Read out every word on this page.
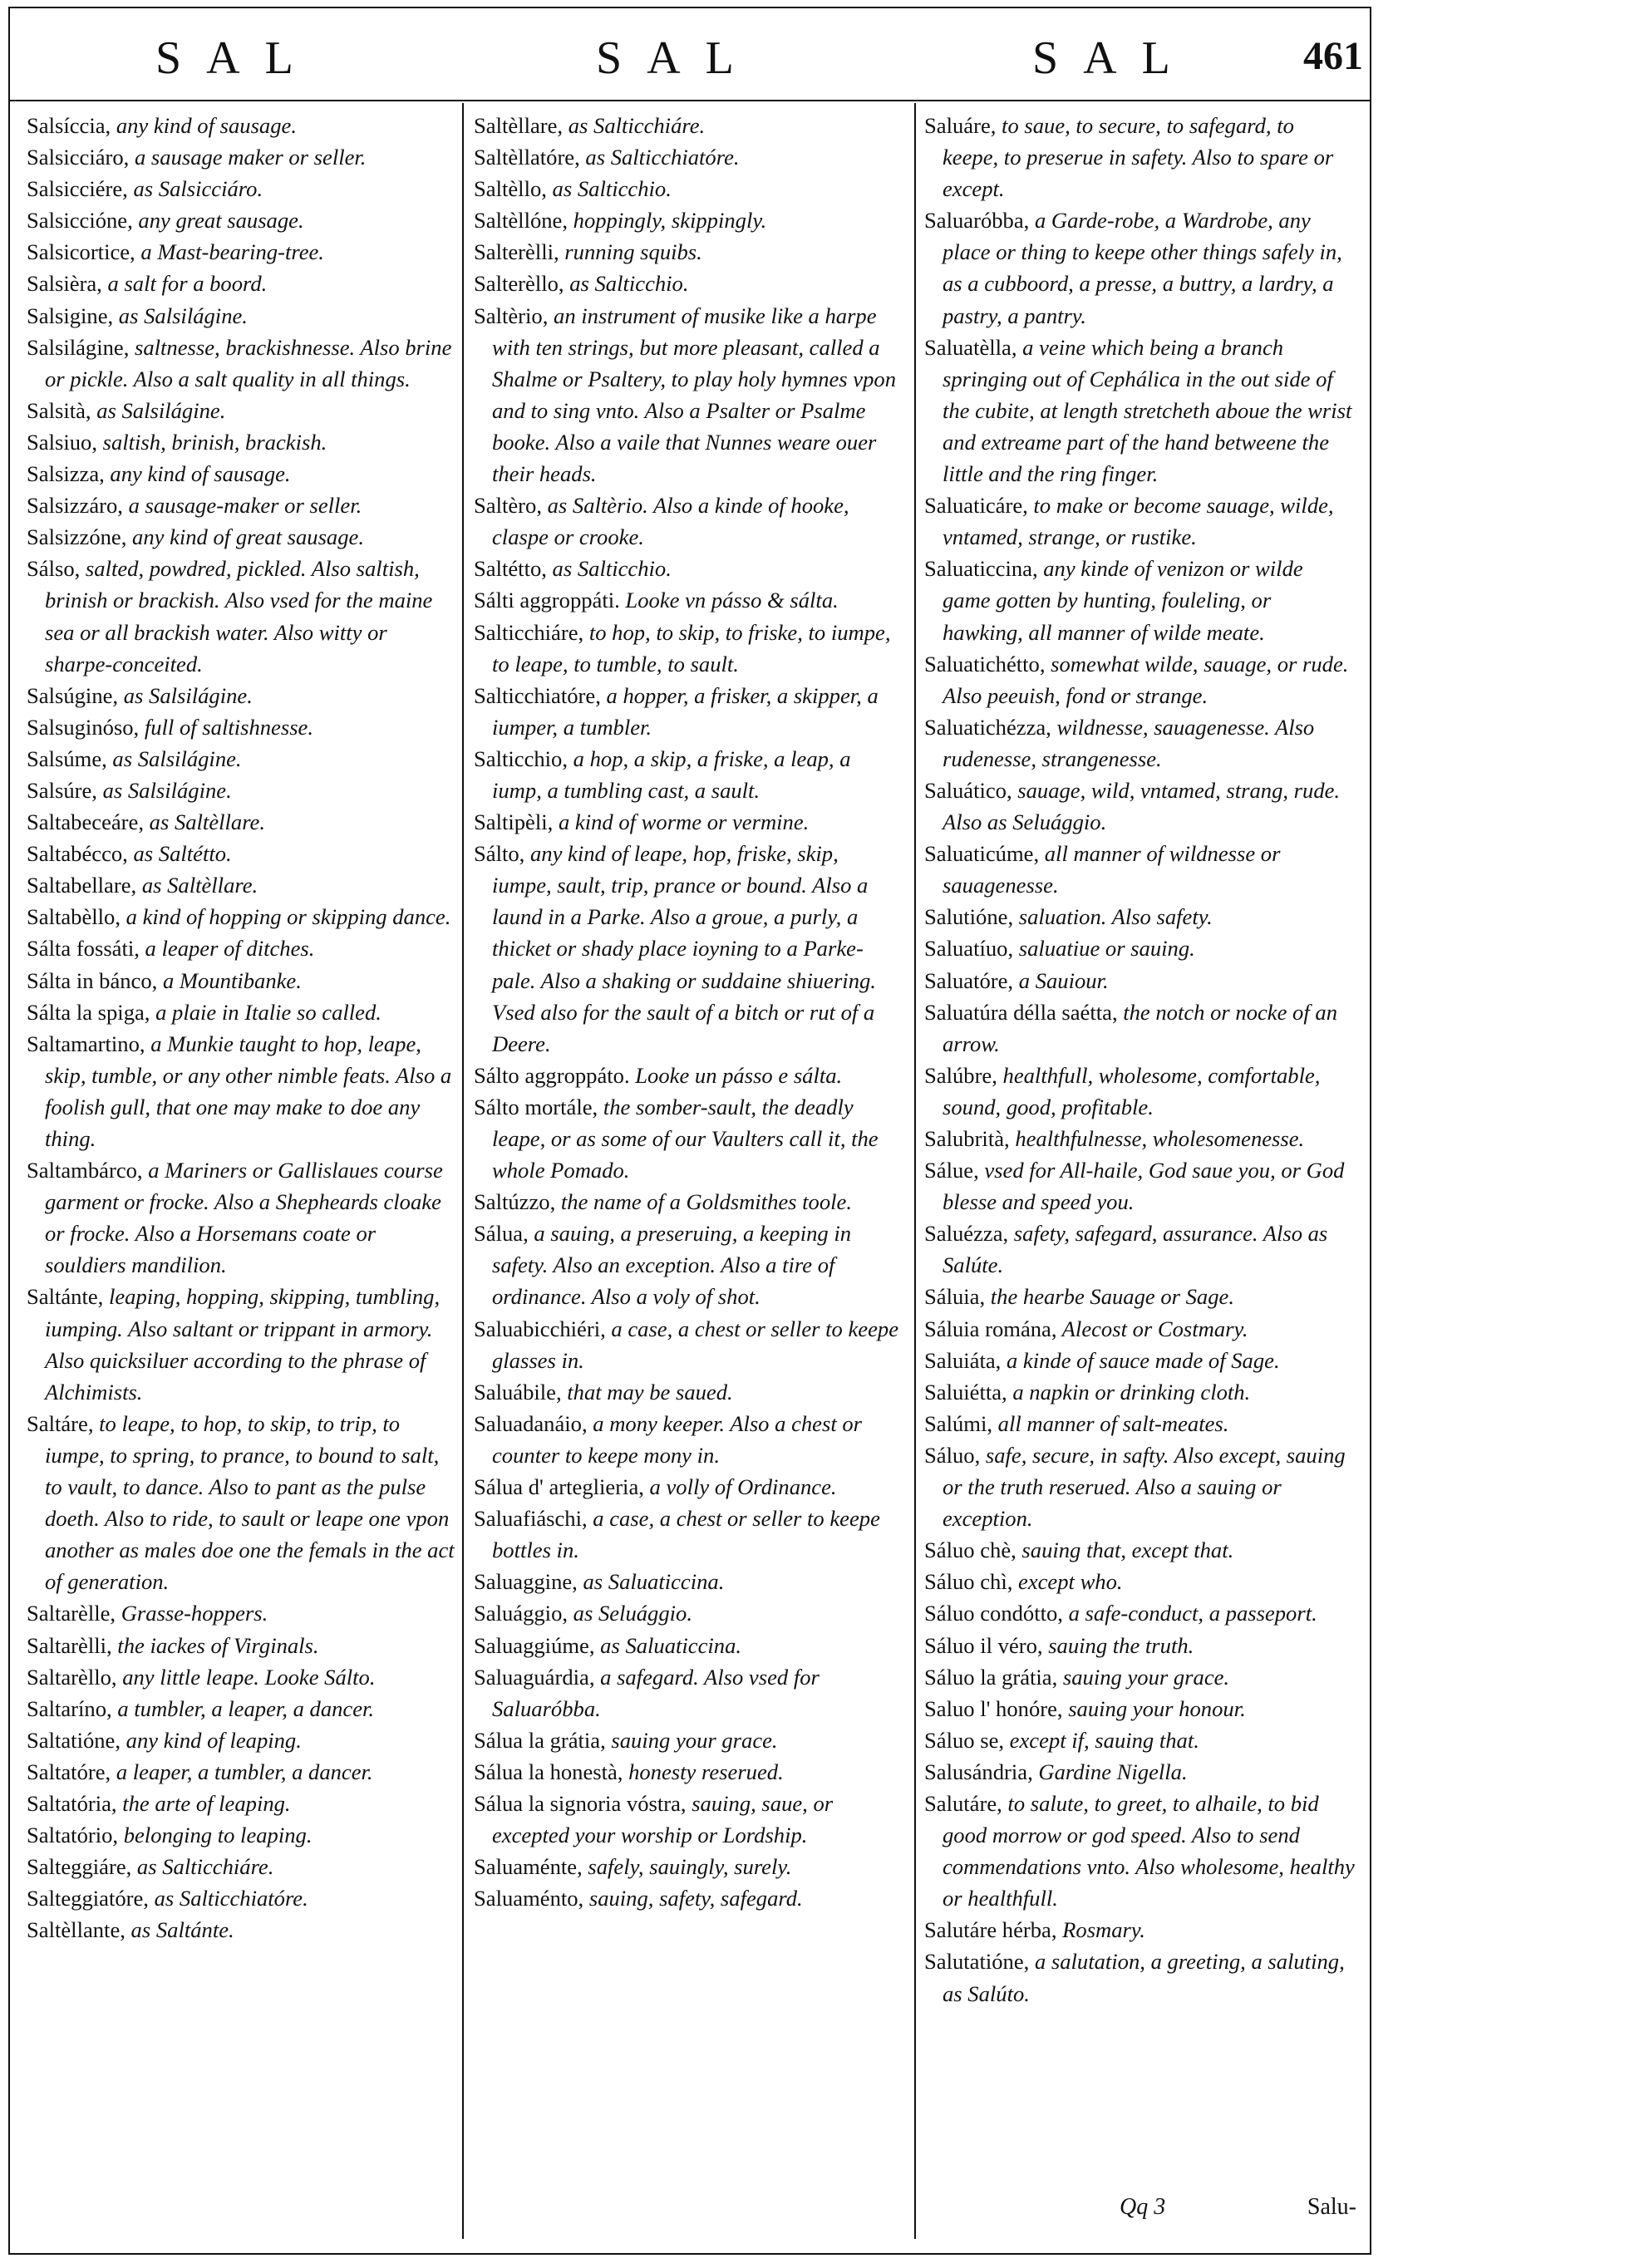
SAL	SAL	SAL	461

Salsíccia, any kind of sausage.

Salsicciáro, a sausage maker or seller.

Salsicciére, as Salsicciáro.

Salsiccióne, any great sausage.

Salsicortice, a Mast-bearing-tree.

Salsièra, a salt for a boord.

Salsigine, as Salsilágine.

Salsilágine, saltnesse, brackishnesse. Also brine or pickle. Also a salt quality in all things.

Salsità, as Salsilágine.

Salsiuo, saltish, brinish, brackish.

Salsizza, any kind of sausage.

Salsizzáro, a sausage-maker or seller.

Salsizzóne, any kind of great sausage.

Sálso, salted, powdred, pickled. Also saltish, brinish or brackish. Also vsed for the maine sea or all brackish water. Also witty or sharpe-conceited.

Salsúgine, as Salsilágine.

Salsuginóso, full of saltishnesse.

Salsúme, as Salsilágine.

Salsúre, as Salsilágine.

Saltabeceáre, as Saltèllare.

Saltabécco, as Saltétto.

Saltabellare, as Saltèllare.

Saltabèllo, a kind of hopping or skipping dance.

Sálta fossáti, a leaper of ditches.

Sálta in bánco, a Mountibanke.

Sálta la spiga, a plaie in Italie so called.

Saltamartino, a Munkie taught to hop, leape, skip, tumble, or any other nimble feats. Also a foolish gull, that one may make to doe any thing.

Saltambárco, a Mariners or Gallislaues course garment or frocke. Also a Shepheards cloake or frocke. Also a Horsemans coate or souldiers mandilion.

Saltánte, leaping, hopping, skipping, tumbling, iumping. Also saltant or trippant in armory. Also quicksiluer according to the phrase of Alchimists.

Saltáre, to leape, to hop, to skip, to trip, to iumpe, to spring, to prance, to bound to salt, to vault, to dance. Also to pant as the pulse doeth. Also to ride, to sault or leape one vpon another as males doe one the femals in the act of generation.

Saltarèlle, Grasse-hoppers.

Saltarèlli, the iackes of Virginals.

Saltarèllo, any little leape. Looke Sálto.

Saltaríno, a tumbler, a leaper, a dancer.

Saltatióne, any kind of leaping.

Saltatóre, a leaper, a tumbler, a dancer.

Saltatória, the arte of leaping.

Saltatório, belonging to leaping.

Salteggiáre, as Salticchiáre.

Salteggiatóre, as Salticchiatóre.

Saltèllante, as Saltánte.

Saltèllare, as Salticchiáre.

Saltèllatóre, as Salticchiatóre.

Saltèllo, as Salticchio.

Saltèllóne, hoppingly, skippingly.

Salterèlli, running squibs.

Salterèllo, as Salticchio.

Saltèrio, an instrument of musike like a harpe with ten strings, but more pleasant, called a Shalme or Psaltery, to play holy hymnes vpon and to sing vnto. Also a Psalter or Psalme booke. Also a vaile that Nunnes weare ouer their heads.

Saltèro, as Saltèrio. Also a kinde of hooke, claspe or crooke.

Saltétto, as Salticchio.

Sálti aggroppáti. Looke vn pásso & sálta.

Salticchiáre, to hop, to skip, to friske, to iumpe, to leape, to tumble, to sault.

Salticchiatóre, a hopper, a frisker, a skipper, a iumper, a tumbler.

Salticchio, a hop, a skip, a friske, a leap, a iump, a tumbling cast, a sault.

Saltipèli, a kind of worme or vermine.

Sálto, any kind of leape, hop, friske, skip, iumpe, sault, trip, prance or bound. Also a laund in a Parke. Also a groue, a purly, a thicket or shady place ioyning to a Parke-pale. Also a shaking or suddaine shiuering. Vsed also for the sault of a bitch or rut of a Deere.

Sálto aggroppáto. Looke un pásso e sálta.

Sálto mortále, the somber-sault, the deadly leape, or as some of our Vaulters call it, the whole Pomado.

Saltúzzo, the name of a Goldsmithes toole.

Sálua, a sauing, a preseruing, a keeping in safety. Also an exception. Also a tire of ordinance. Also a voly of shot.

Saluabicchiéri, a case, a chest or seller to keepe glasses in.

Saluábile, that may be saued.

Saluadanáio, a mony keeper. Also a chest or counter to keepe mony in.

Sálua d' arteglieria, a volly of Ordinance.

Saluafiáschi, a case, a chest or seller to keepe bottles in.

Saluaggine, as Saluaticcina.

Saluággio, as Seluággio.

Saluaggiúme, as Saluaticcina.

Saluaguárdia, a safegard. Also vsed for Saluaróbba.

Sálua la grátia, sauing your grace.

Sálua la honestà, honesty reserued.

Sálua la signoria vóstra, sauing, saue, or excepted your worship or Lordship.

Saluaménte, safely, sauingly, surely.

Saluaménto, sauing, safety, safegard.

Saluáre, to saue, to secure, to safegard, to keepe, to preserue in safety. Also to spare or except.

Saluaróbba, a Garde-robe, a Wardrobe, any place or thing to keepe other things safely in, as a cubboord, a presse, a buttry, a lardry, a pastry, a pantry.

Saluatèlla, a veine which being a branch springing out of Cephálica in the out side of the cubite, at length stretcheth aboue the wrist and extreame part of the hand betweene the little and the ring finger.

Saluaticáre, to make or become sauage, wilde, vntamed, strange, or rustike.

Saluaticcina, any kinde of venizon or wilde game gotten by hunting, fouleling, or hawking, all manner of wilde meate.

Saluatichétto, somewhat wilde, sauage, or rude. Also peeuish, fond or strange.

Saluatichézza, wildnesse, sauagenesse. Also rudenesse, strangenesse.

Saluático, sauage, wild, vntamed, strang, rude. Also as Seluággio.

Saluaticúme, all manner of wildnesse or sauagenesse.

Salutióne, saluation. Also safety.

Saluatíuo, saluatiue or sauing.

Saluatóre, a Sauiour.

Saluatúra délla saétta, the notch or nocke of an arrow.

Salúbre, healthfull, wholesome, comfortable, sound, good, profitable.

Salubrità, healthfulnesse, wholesomenesse.

Sálue, vsed for All-haile, God saue you, or God blesse and speed you.

Saluézza, safety, safegard, assurance. Also as Salúte.

Sáluia, the hearbe Sauage or Sage.

Sáluia romána, Alecost or Costmary.

Saluiáta, a kinde of sauce made of Sage.

Saluiétta, a napkin or drinking cloth.

Salúmi, all manner of salt-meates.

Sáluo, safe, secure, in safty. Also except, sauing or the truth reserued. Also a sauing or exception.

Sáluo chè, sauing that, except that.

Sáluo chì, except who.

Sáluo condótto, a safe-conduct, a passeport.

Sáluo il véro, sauing the truth.

Sáluo la grátia, sauing your grace.

Saluo l' honóre, sauing your honour.

Sáluo se, except if, sauing that.

Salusándria, Gardine Nigella.

Salutáre, to salute, to greet, to alhaile, to bid good morrow or god speed. Also to send commendations vnto. Also wholesome, healthy or healthfull.

Salutáre hérba, Rosmary.

Salutatióne, a salutation, a greeting, a saluting, as Salúto.

Qq 3	Salu-
